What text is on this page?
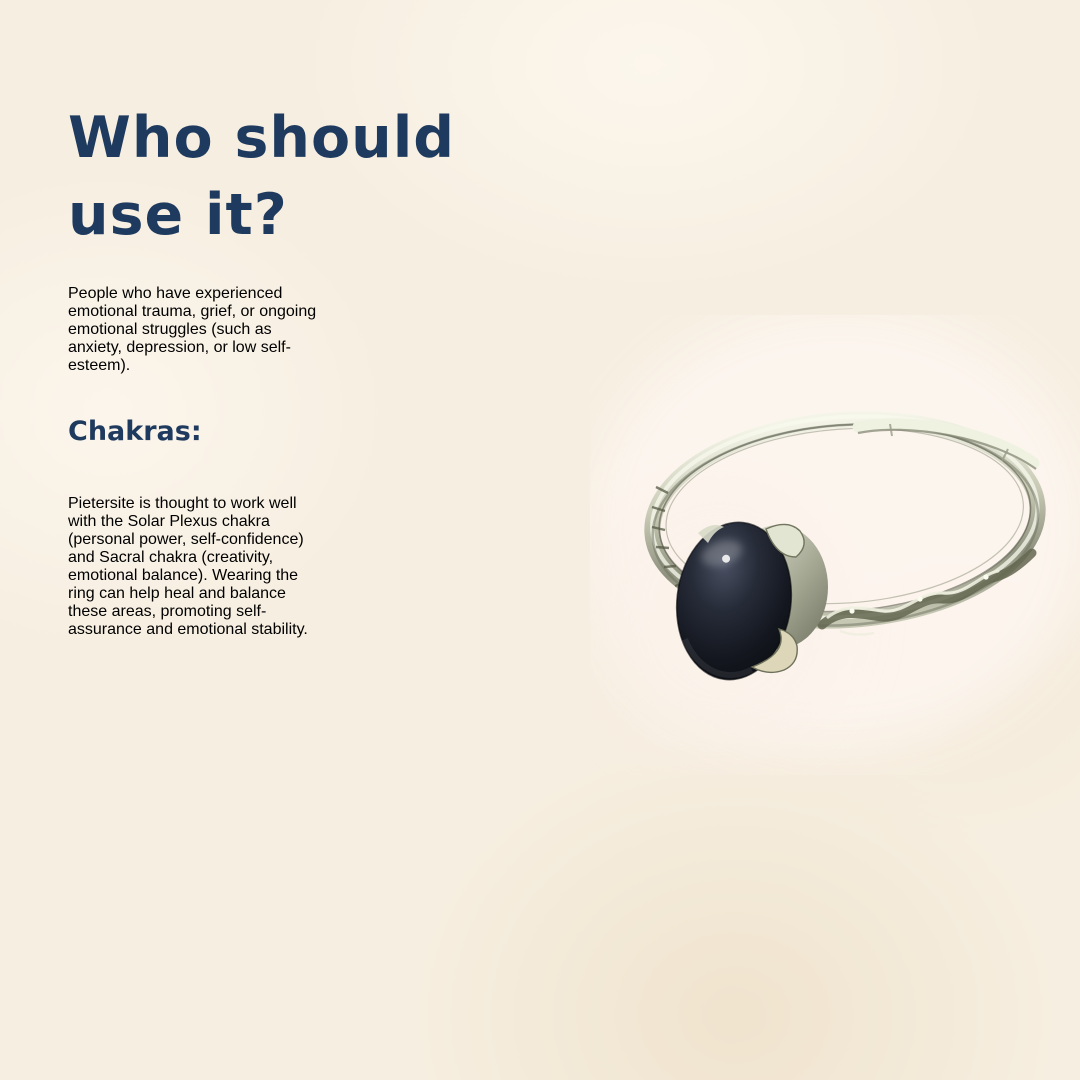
Who should
use it?

People who have experienced
emotional trauma, grief, or ongoing
emotional struggles (such as
anxiety, depression, or low self-
esteem).

Chakras:

Pietersite is thought to work well
with the Solar Plexus chakra
(personal power, self-confidence)
and Sacral chakra (creativity,
emotional balance). Wearing the
ring can help heal and balance
these areas, promoting self-
assurance and emotional stability.
